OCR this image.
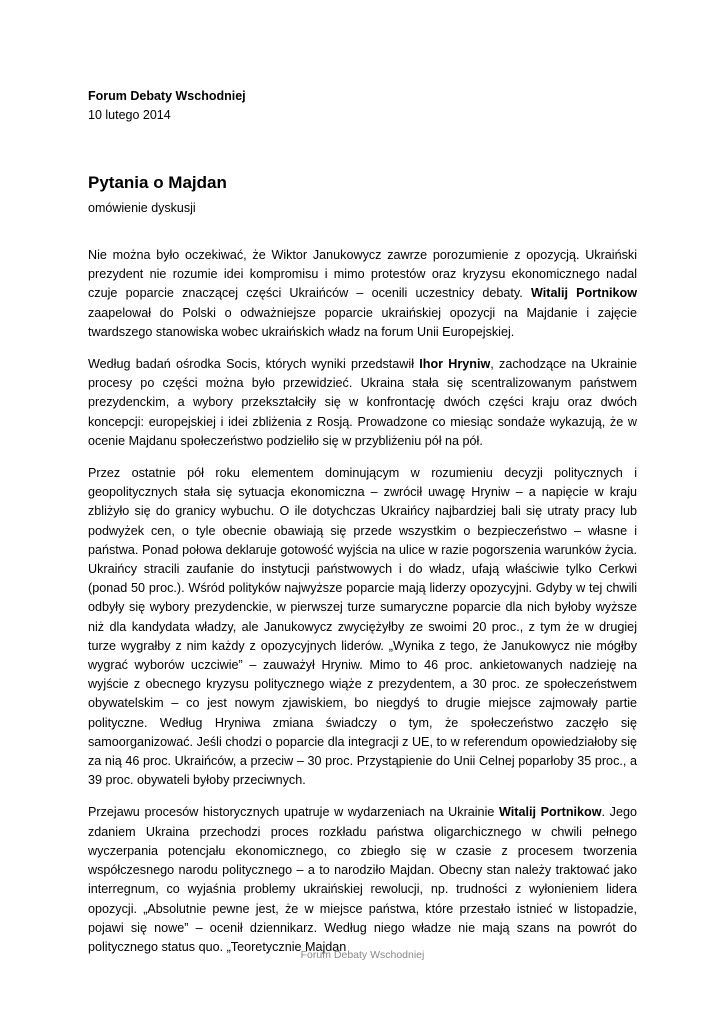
Forum Debaty Wschodniej
10 lutego 2014
Pytania o Majdan
omówienie dyskusji

Nie można było oczekiwać, że Wiktor Janukowycz zawrze porozumienie z opozycją. Ukraiński prezydent nie rozumie idei kompromisu i mimo protestów oraz kryzysu ekonomicznego nadal czuje poparcie znaczącej części Ukraińców – ocenili uczestnicy debaty. Witalij Portnikow zaapelował do Polski o odważniejsze poparcie ukraińskiej opozycji na Majdanie i zajęcie twardszego stanowiska wobec ukraińskich władz na forum Unii Europejskiej.

Według badań ośrodka Socis, których wyniki przedstawił Ihor Hryniw, zachodzące na Ukrainie procesy po części można było przewidzieć. Ukraina stała się scentralizowanym państwem prezydenckim, a wybory przekształciły się w konfrontację dwóch części kraju oraz dwóch koncepcji: europejskiej i idei zbliżenia z Rosją. Prowadzone co miesiąc sondaże wykazują, że w ocenie Majdanu społeczeństwo podzieliło się w przybliżeniu pół na pół.

Przez ostatnie pół roku elementem dominującym w rozumieniu decyzji politycznych i geopolitycznych stała się sytuacja ekonomiczna – zwrócił uwagę Hryniw – a napięcie w kraju zbliżyło się do granicy wybuchu. O ile dotychczas Ukraińcy najbardziej bali się utraty pracy lub podwyżek cen, o tyle obecnie obawiają się przede wszystkim o bezpieczeństwo – własne i państwa. Ponad połowa deklaruje gotowość wyjścia na ulice w razie pogorszenia warunków życia. Ukraińcy stracili zaufanie do instytucji państwowych i do władz, ufają właściwie tylko Cerkwi (ponad 50 proc.). Wśród polityków najwyższe poparcie mają liderzy opozycyjni. Gdyby w tej chwili odbyły się wybory prezydenckie, w pierwszej turze sumaryczne poparcie dla nich byłoby wyższe niż dla kandydata władzy, ale Janukowycz zwyciężyłby ze swoimi 20 proc., z tym że w drugiej turze wygrałby z nim każdy z opozycyjnych liderów. „Wynika z tego, że Janukowycz nie mógłby wygrać wyborów uczciwie” – zauważył Hryniw. Mimo to 46 proc. ankietowanych nadzieję na wyjście z obecnego kryzysu politycznego wiąże z prezydentem, a 30 proc. ze społeczeństwem obywatelskim – co jest nowym zjawiskiem, bo niegdyś to drugie miejsce zajmowały partie polityczne. Według Hryniwa zmiana świadczy o tym, że społeczeństwo zaczęło się samoorganizować. Jeśli chodzi o poparcie dla integracji z UE, to w referendum opowiedziałoby się za nią 46 proc. Ukraińców, a przeciw – 30 proc. Przystąpienie do Unii Celnej poparłoby 35 proc., a 39 proc. obywateli byłoby przeciwnych.

Przejawu procesów historycznych upatruje w wydarzeniach na Ukrainie Witalij Portnikow. Jego zdaniem Ukraina przechodzi proces rozkładu państwa oligarchicznego w chwili pełnego wyczerpania potencjału ekonomicznego, co zbiegło się w czasie z procesem tworzenia współczesnego narodu politycznego – a to narodziło Majdan. Obecny stan należy traktować jako interregnum, co wyjaśnia problemy ukraińskiej rewolucji, np. trudności z wyłonieniem lidera opozycji. „Absolutnie pewne jest, że w miejsce państwa, które przestało istnieć w listopadzie, pojawi się nowe” – ocenił dziennikarz. Według niego władze nie mają szans na powrót do politycznego status quo. „Teoretycznie Majdan

Forum Debaty Wschodniej
